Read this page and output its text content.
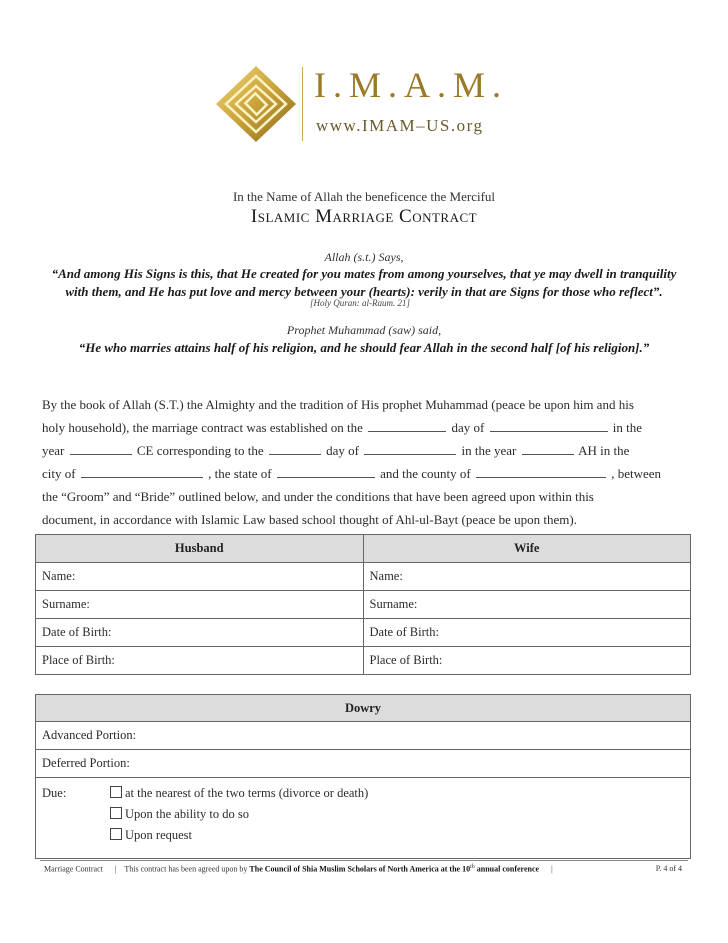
I.M.A.M.
www.IMAM–US.org
In the Name of Allah the beneficence the Merciful
Islamic Marriage Contract
Allah (s.t.) Says,
“And among His Signs is this, that He created for you mates from among yourselves, that ye may dwell in tranquility
with them, and He has put love and mercy between your (hearts): verily in that are Signs for those who reflect”.
[Holy Quran: al-Raum. 21]
Prophet Muhammad (saw) said,
“He who marries attains half of his religion, and he should fear Allah in the second half [of his religion].”
By the book of Allah (S.T.) the Almighty and the tradition of His prophet Muhammad (peace be upon him and his
holy household), the marriage contract was established on the	day of	in the
year	CE corresponding to the	day of	in the year	AH in the
city of	, the state of	and the county of	, between
the “Groom” and “Bride” outlined below, and under the conditions that have been agreed upon within this
document, in accordance with Islamic Law based school thought of Ahl-ul-Bayt (peace be upon them).
Husband	Wife
Name:	Name:
Surname:	Surname:
Date of Birth:	Date of Birth:
Place of Birth:	Place of Birth:
Dowry
Advanced Portion:
Deferred Portion:

Due:	at the nearest of the two terms (divorce or death)
Upon the ability to do so
Upon request
Marriage Contract | This contract has been agreed upon by The Council of Shia Muslim Scholars of North America at the 10th annual conference |	P. 4 of 4
